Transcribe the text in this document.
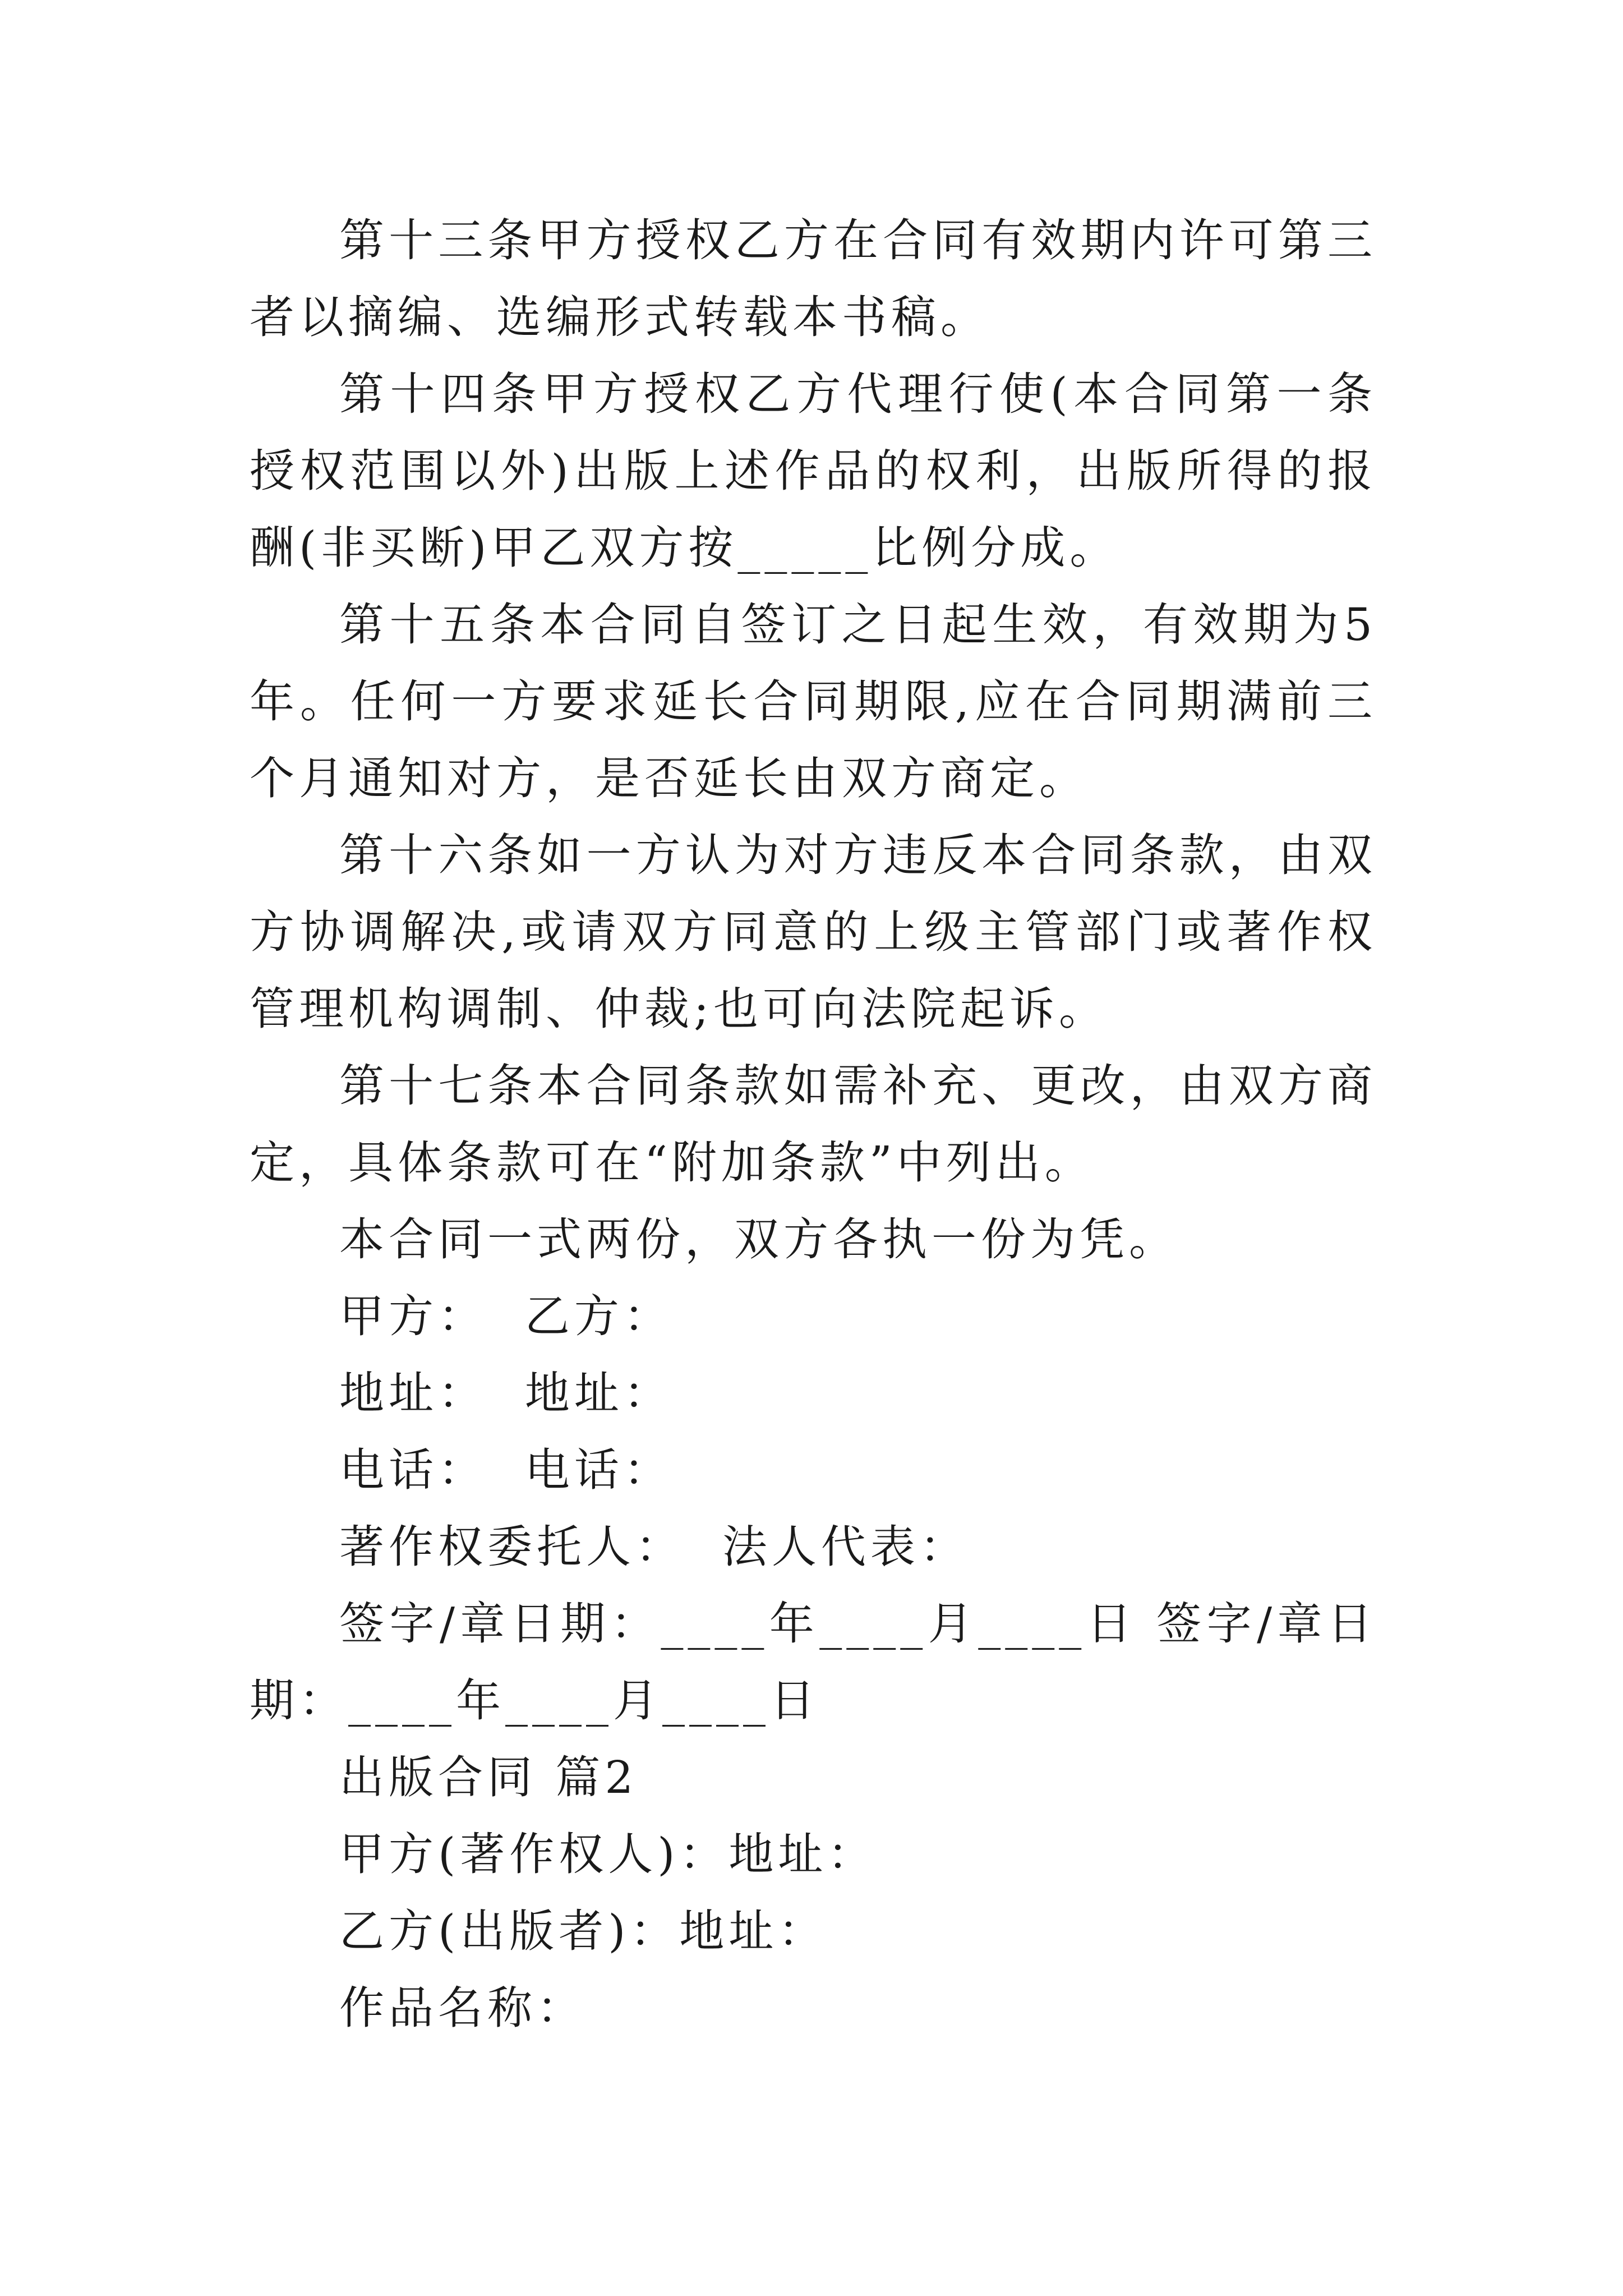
第十三条甲方授权乙方在合同有效期内许可第三者以摘编、选编形式转载本书稿。

第十四条甲方授权乙方代理行使(本合同第一条授权范围以外)出版上述作品的权利，出版所得的报酬(非买断)甲乙双方按_____比例分成。

第十五条本合同自签订之日起生效，有效期为5年。任何一方要求延长合同期限,应在合同期满前三个月通知对方，是否延长由双方商定。

第十六条如一方认为对方违反本合同条款，由双方协调解决,或请双方同意的上级主管部门或著作权管理机构调制、仲裁;也可向法院起诉。

第十七条本合同条款如需补充、更改，由双方商定，具体条款可在“附加条款”中列出。

本合同一式两份，双方各执一份为凭。

甲方：  乙方：

地址：  地址：

电话：  电话：

著作权委托人：  法人代表：

签字/章日期：____年____月____日 签字/章日期：____年____月____日

出版合同 篇2

甲方(著作权人)：地址：

乙方(出版者)：地址：

作品名称：
